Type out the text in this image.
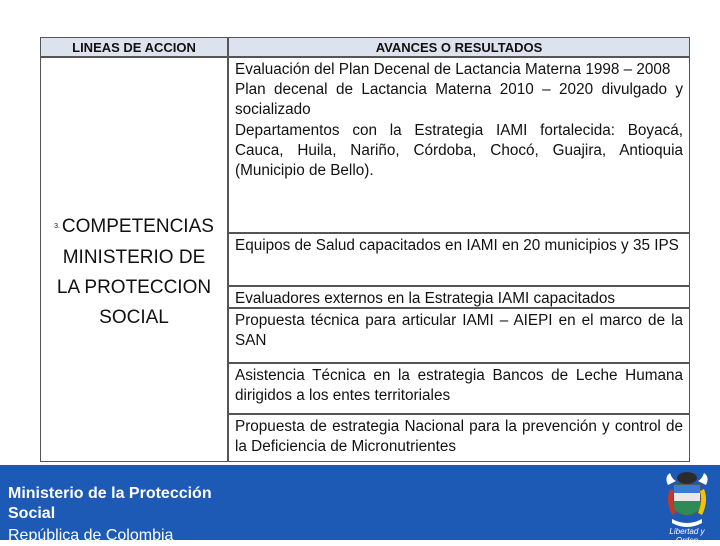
LINEAS DE ACCION	AVANCES O RESULTADOS
3. COMPETENCIAS
MINISTERIO DE
LA PROTECCION
SOCIAL
Evaluación del Plan Decenal de Lactancia Materna 1998 – 2008
Plan decenal de Lactancia Materna 2010 – 2020 divulgado y socializado
Departamentos con la Estrategia IAMI fortalecida: Boyacá, Cauca, Huila, Nariño, Córdoba, Chocó, Guajira, Antioquia (Municipio de Bello).
Equipos de Salud capacitados en IAMI en 20 municipios y 35 IPS
Evaluadores externos en la Estrategia IAMI capacitados
Propuesta técnica para articular IAMI – AIEPI en el marco de la SAN
Asistencia Técnica en la estrategia Bancos de Leche Humana dirigidos a los entes territoriales
Propuesta de estrategia Nacional para la prevención y control de la Deficiencia de Micronutrientes
Ministerio de la Protección
Social
República de Colombia	Libertad y Orden
